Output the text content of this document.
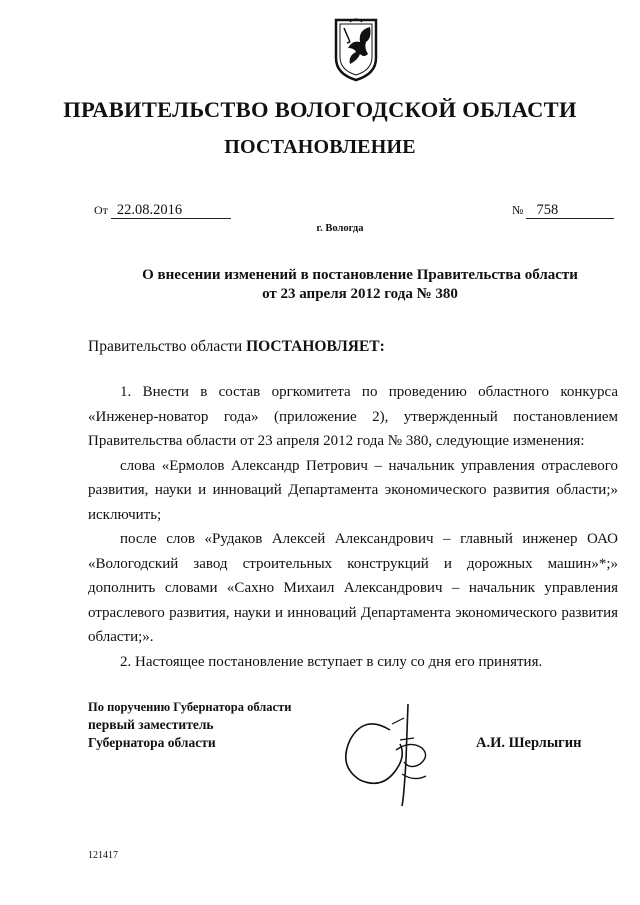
ПРАВИТЕЛЬСТВО ВОЛОГОДСКОЙ ОБЛАСТИ
ПОСТАНОВЛЕНИЕ
От 22.08.2016	№ 758
г. Вологда
О внесении изменений в постановление Правительства области
от 23 апреля 2012 года № 380
Правительство области ПОСТАНОВЛЯЕТ:

1. Внести в состав оргкомитета по проведению областного конкурса «Инженер-новатор года» (приложение 2), утвержденный постановлением Правительства области от 23 апреля 2012 года № 380, следующие изменения:

слова «Ермолов Александр Петрович – начальник управления отраслевого развития, науки и инноваций Департамента экономического развития области;» исключить;

после слов «Рудаков Алексей Александрович – главный инженер ОАО «Вологодский завод строительных конструкций и дорожных машин»*;» дополнить словами «Сахно Михаил Александрович – начальник управления отраслевого развития, науки и инноваций Департамента экономического развития области;».

2. Настоящее постановление вступает в силу со дня его принятия.

По поручению Губернатора области
первый заместитель
Губернатора области	А.И. Шерлыгин
121417
